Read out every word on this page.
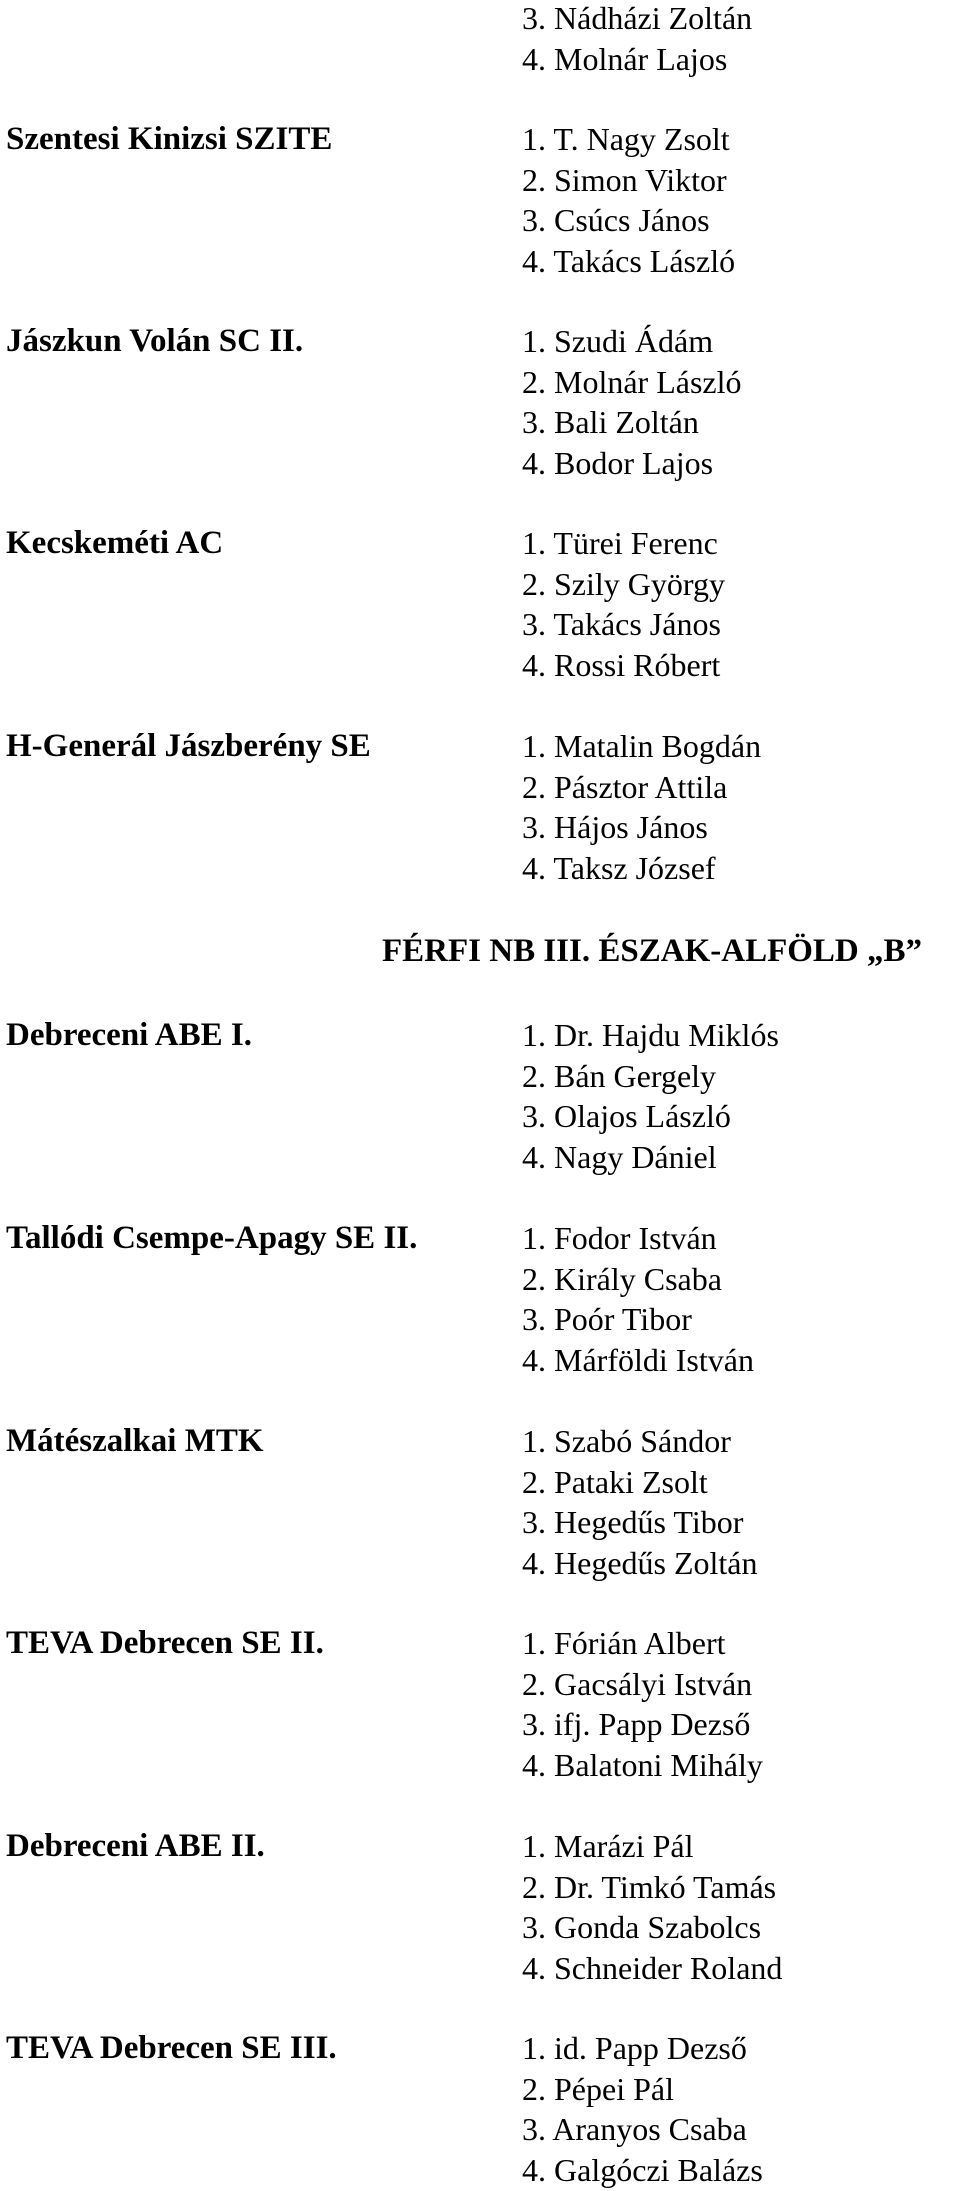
3. Nádházi Zoltán
4. Molnár Lajos
Szentesi Kinizsi SZITE	1. T. Nagy Zsolt
2. Simon Viktor
3. Csúcs János
4. Takács László
Jászkun Volán SC II.	1. Szudi Ádám
2. Molnár László
3. Bali Zoltán
4. Bodor Lajos
Kecskeméti AC	1. Türei Ferenc
2. Szily György
3. Takács János
4. Rossi Róbert
H-Generál Jászberény SE	1. Matalin Bogdán
2. Pásztor Attila
3. Hájos János
4. Taksz József
FÉRFI NB III. ÉSZAK-ALFÖLD „B”
Debreceni ABE I.	1. Dr. Hajdu Miklós
2. Bán Gergely
3. Olajos László
4. Nagy Dániel
Tallódi Csempe-Apagy SE II.	1. Fodor István
2. Király Csaba
3. Poór Tibor
4. Márföldi István
Mátészalkai MTK	1. Szabó Sándor
2. Pataki Zsolt
3. Hegedűs Tibor
4. Hegedűs Zoltán
TEVA Debrecen SE II.	1. Fórián Albert
2. Gacsályi István
3. ifj. Papp Dezső
4. Balatoni Mihály
Debreceni ABE II.	1. Marázi Pál
2. Dr. Timkó Tamás
3. Gonda Szabolcs
4. Schneider Roland
TEVA Debrecen SE III.	1. id. Papp Dezső
2. Pépei Pál
3. Aranyos Csaba
4. Galgóczi Balázs
